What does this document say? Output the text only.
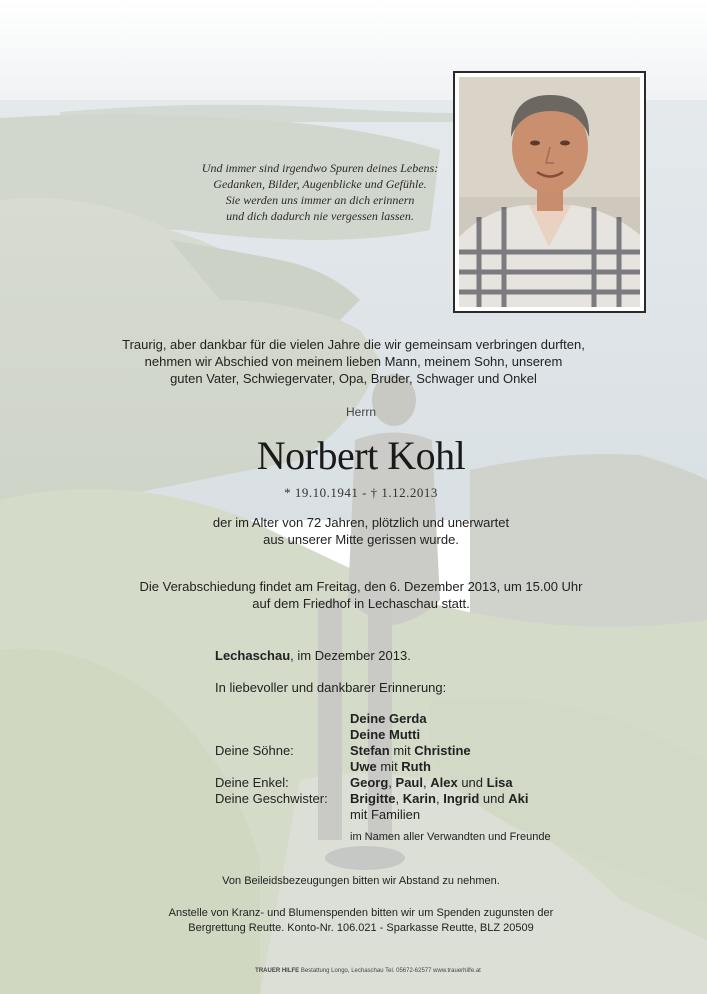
Und immer sind irgendwo Spuren deines Lebens:
Gedanken, Bilder, Augenblicke und Gefühle.
Sie werden uns immer an dich erinnern
und dich dadurch nie vergessen lassen.
Traurig, aber dankbar für die vielen Jahre die wir gemeinsam verbringen durften,
nehmen wir Abschied von meinem lieben Mann, meinem Sohn, unserem
guten Vater, Schwiegervater, Opa, Bruder, Schwager und Onkel
Herrn
Norbert Kohl
* 19.10.1941 - † 1.12.2013
der im Alter von 72 Jahren, plötzlich und unerwartet
aus unserer Mitte gerissen wurde.
Die Verabschiedung findet am Freitag, den 6. Dezember 2013, um 15.00 Uhr
auf dem Friedhof in Lechaschau statt.
Lechaschau, im Dezember 2013.
In liebevoller und dankbarer Erinnerung:
Deine Gerda
Deine Mutti
Deine Söhne:	Stefan mit Christine
Uwe mit Ruth
Deine Enkel:	Georg, Paul, Alex und Lisa
Deine Geschwister:	Brigitte, Karin, Ingrid und Aki
mit Familien
im Namen aller Verwandten und Freunde
Von Beileidsbezeugungen bitten wir Abstand zu nehmen.
Anstelle von Kranz- und Blumenspenden bitten wir um Spenden zugunsten der
Bergrettung Reutte. Konto-Nr. 106.021 - Sparkasse Reutte, BLZ 20509
TRAUER HILFE Bestattung Longo, Lechaschau Tel. 05672-62577 www.trauerhilfe.at
